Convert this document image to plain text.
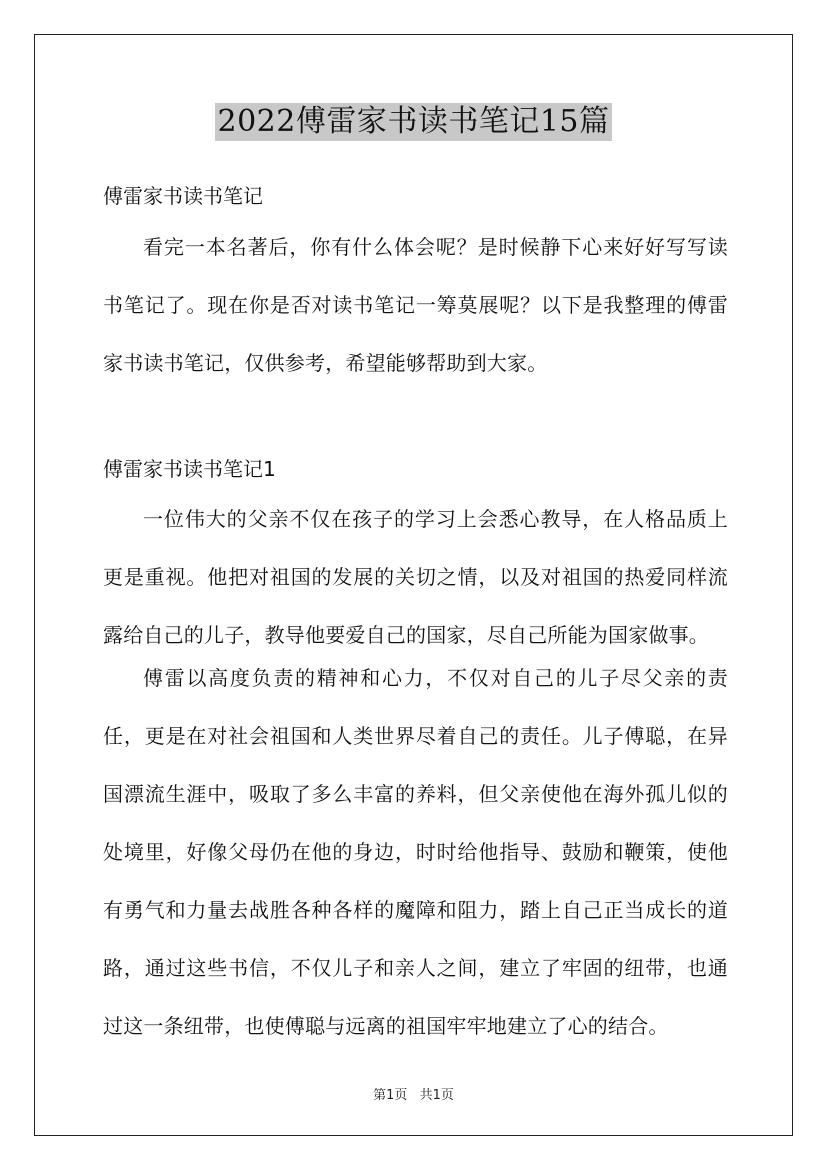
2022傅雷家书读书笔记15篇
傅雷家书读书笔记
看完一本名著后，你有什么体会呢？是时候静下心来好好写写读书笔记了。现在你是否对读书笔记一筹莫展呢？以下是我整理的傅雷家书读书笔记，仅供参考，希望能够帮助到大家。
傅雷家书读书笔记1
一位伟大的父亲不仅在孩子的学习上会悉心教导，在人格品质上更是重视。他把对祖国的发展的关切之情，以及对祖国的热爱同样流露给自己的儿子，教导他要爱自己的国家，尽自己所能为国家做事。
傅雷以高度负责的精神和心力，不仅对自己的儿子尽父亲的责任，更是在对社会祖国和人类世界尽着自己的责任。儿子傅聪，在异国漂流生涯中，吸取了多么丰富的养料，但父亲使他在海外孤儿似的处境里，好像父母仍在他的身边，时时给他指导、鼓励和鞭策，使他有勇气和力量去战胜各种各样的魔障和阻力，踏上自己正当成长的道路，通过这些书信，不仅儿子和亲人之间，建立了牢固的纽带，也通过这一条纽带，也使傅聪与远离的祖国牢牢地建立了心的结合。
第1页 共1页
